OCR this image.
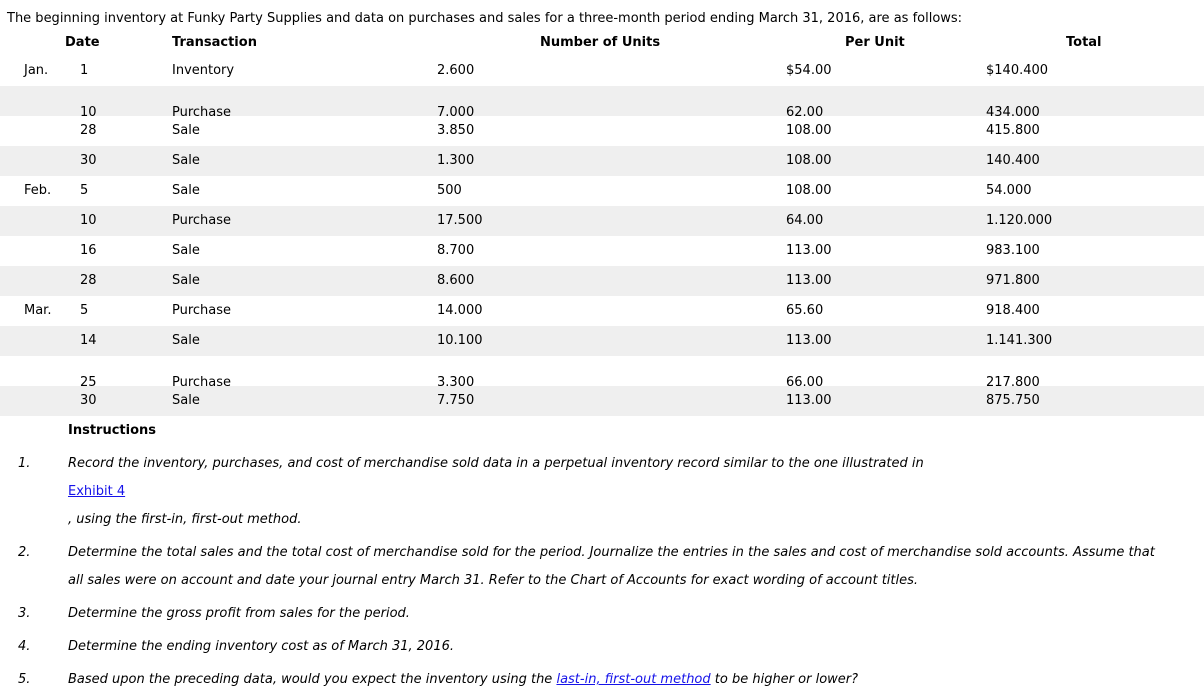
The beginning inventory at Funky Party Supplies and data on purchases and sales for a three-month period ending March 31, 2016, are as follows:
Date	Transaction	Number of Units	Per Unit	Total
Jan. 1	Inventory	2.600	$54.00	$140.400
10	Purchase	7.000	62.00	434.000
28	Sale	3.850	108.00	415.800
30	Sale	1.300	108.00	140.400
Feb. 5	Sale	500	108.00	54.000
10	Purchase	17.500	64.00	1.120.000
16	Sale	8.700	113.00	983.100
28	Sale	8.600	113.00	971.800
Mar. 5	Purchase	14.000	65.60	918.400
14	Sale	10.100	113.00	1.141.300
25	Purchase	3.300	66.00	217.800
30	Sale	7.750	113.00	875.750
Instructions
1.	Record the inventory, purchases, and cost of merchandise sold data in a perpetual inventory record similar to the one illustrated in
Exhibit 4
, using the first-in, first-out method.
2.	Determine the total sales and the total cost of merchandise sold for the period. Journalize the entries in the sales and cost of merchandise sold accounts. Assume that all sales were on account and date your journal entry March 31. Refer to the Chart of Accounts for exact wording of account titles.
3.	Determine the gross profit from sales for the period.
4.	Determine the ending inventory cost as of March 31, 2016.
5.	Based upon the preceding data, would you expect the inventory using the last-in, first-out method to be higher or lower?
